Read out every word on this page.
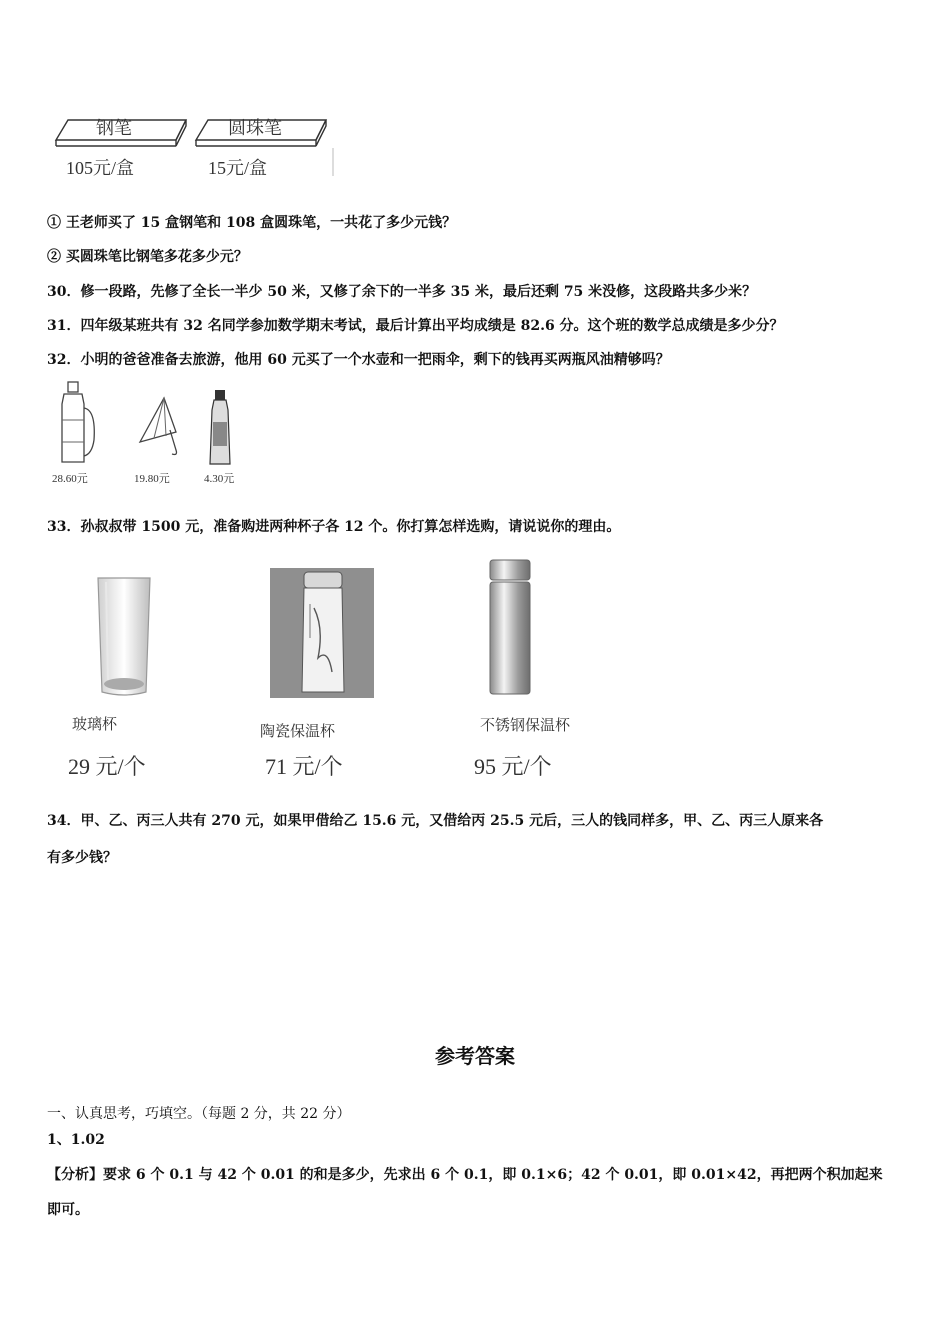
钢笔	圆珠笔
105元/盒	15元/盒
① 王老师买了 15 盒钢笔和 108 盒圆珠笔，一共花了多少元钱？
② 买圆珠笔比钢笔多花多少元？
30．修一段路，先修了全长一半少 50 米，又修了余下的一半多 35 米，最后还剩 75 米没修，这段路共多少米？
31．四年级某班共有 32 名同学参加数学期末考试，最后计算出平均成绩是 82.6 分。这个班的数学总成绩是多少分？
32．小明的爸爸准备去旅游，他用 60 元买了一个水壶和一把雨伞，剩下的钱再买两瓶风油精够吗？
28.60元	19.80元	4.30元
33．孙叔叔带 1500 元，准备购进两种杯子各 12 个。你打算怎样选购，请说说你的理由。
玻璃杯	陶瓷保温杯	不锈钢保温杯
29 元/个	71 元/个	95 元/个
34．甲、乙、丙三人共有 270 元，如果甲借给乙 15.6 元，又借给丙 25.5 元后，三人的钱同样多，甲、乙、丙三人原来各
有多少钱？
参考答案
一、认真思考，巧填空。（每题 2 分，共 22 分）
1、1.02
【分析】要求 6 个 0.1 与 42 个 0.01 的和是多少，先求出 6 个 0.1，即 0.1×6；42 个 0.01，即 0.01×42，再把两个积加起来
即可。
